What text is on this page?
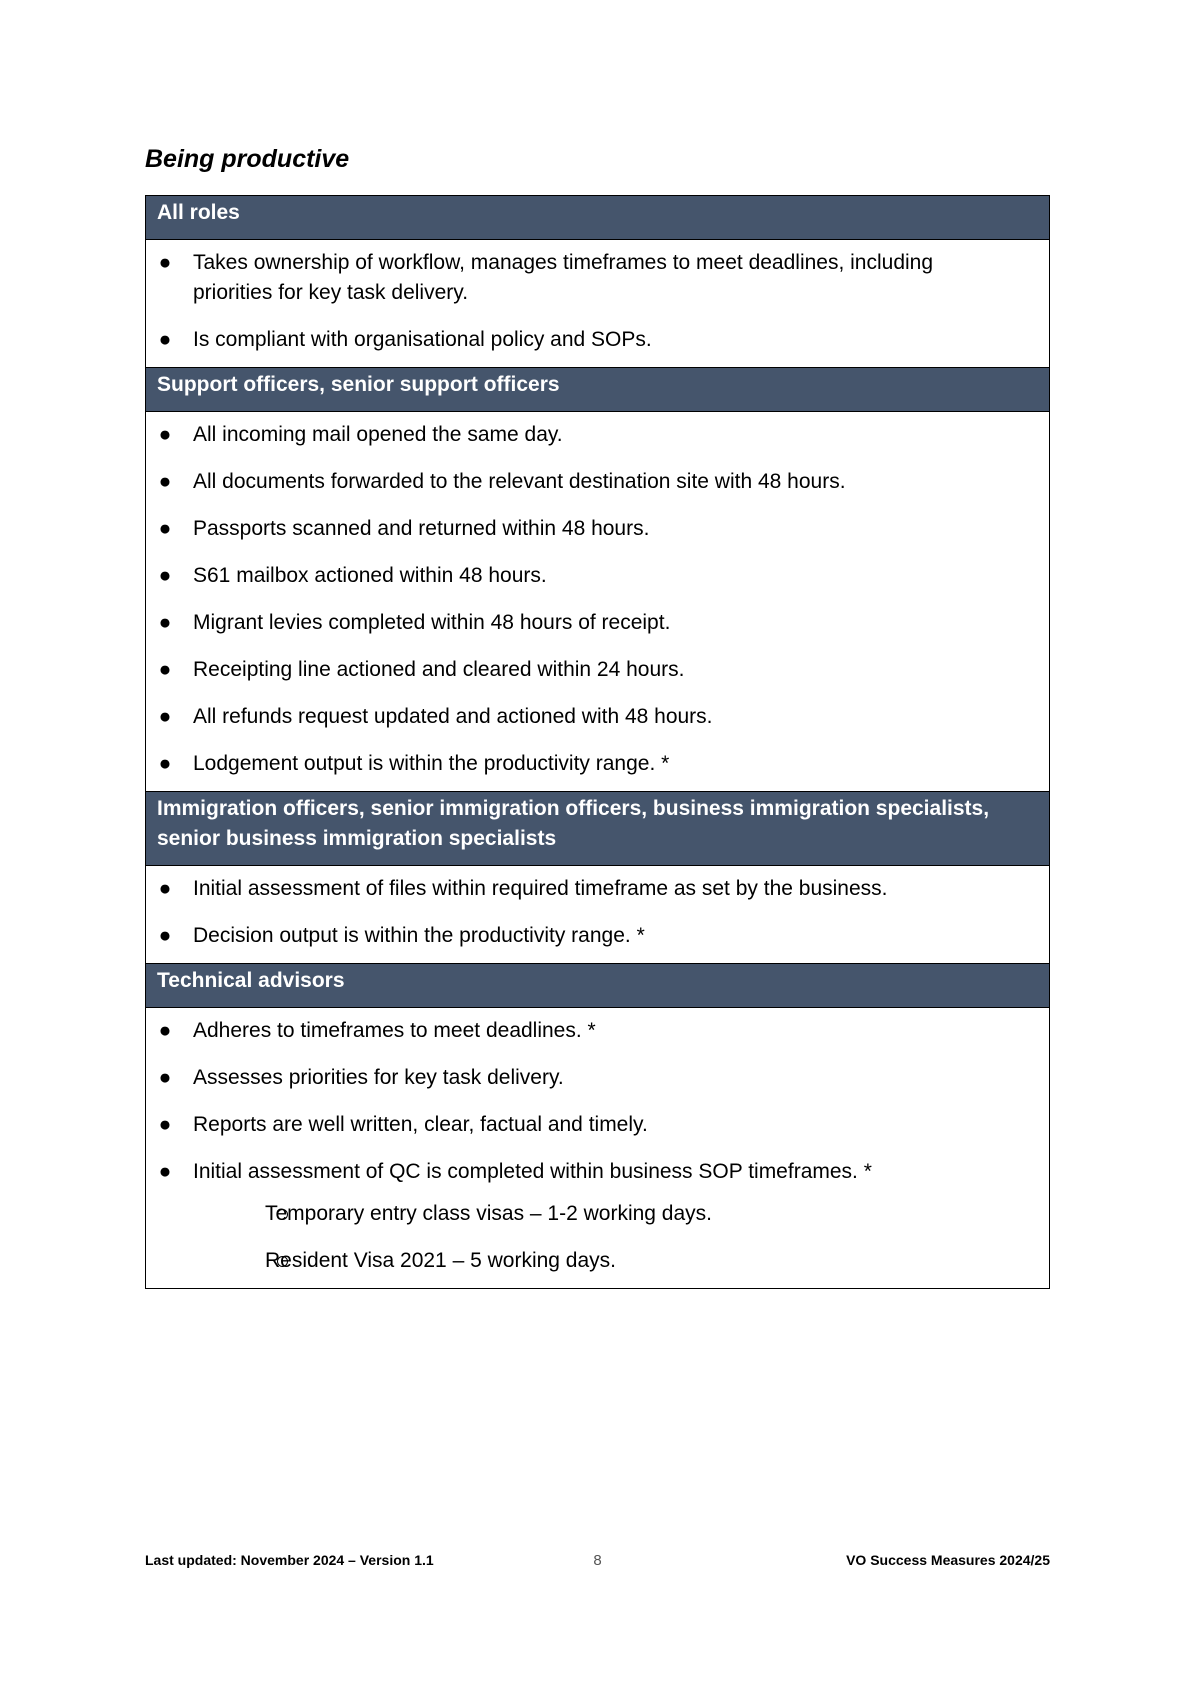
Being productive
All roles
● Takes ownership of workflow, manages timeframes to meet deadlines, including priorities for key task delivery.
● Is compliant with organisational policy and SOPs.
Support officers, senior support officers
● All incoming mail opened the same day.
● All documents forwarded to the relevant destination site with 48 hours.
● Passports scanned and returned within 48 hours.
● S61 mailbox actioned within 48 hours.
● Migrant levies completed within 48 hours of receipt.
● Receipting line actioned and cleared within 24 hours.
● All refunds request updated and actioned with 48 hours.
● Lodgement output is within the productivity range. *
Immigration officers, senior immigration officers, business immigration specialists, senior business immigration specialists
● Initial assessment of files within required timeframe as set by the business.
● Decision output is within the productivity range. *
Technical advisors
● Adheres to timeframes to meet deadlines. *
● Assesses priorities for key task delivery.
● Reports are well written, clear, factual and timely.
● Initial assessment of QC is completed within business SOP timeframes. *
Temporary entry class visas – 1-2 working days.
Resident Visa 2021 – 5 working days.
Last updated: November 2024 – Version 1.1	8	VO Success Measures 2024/25
